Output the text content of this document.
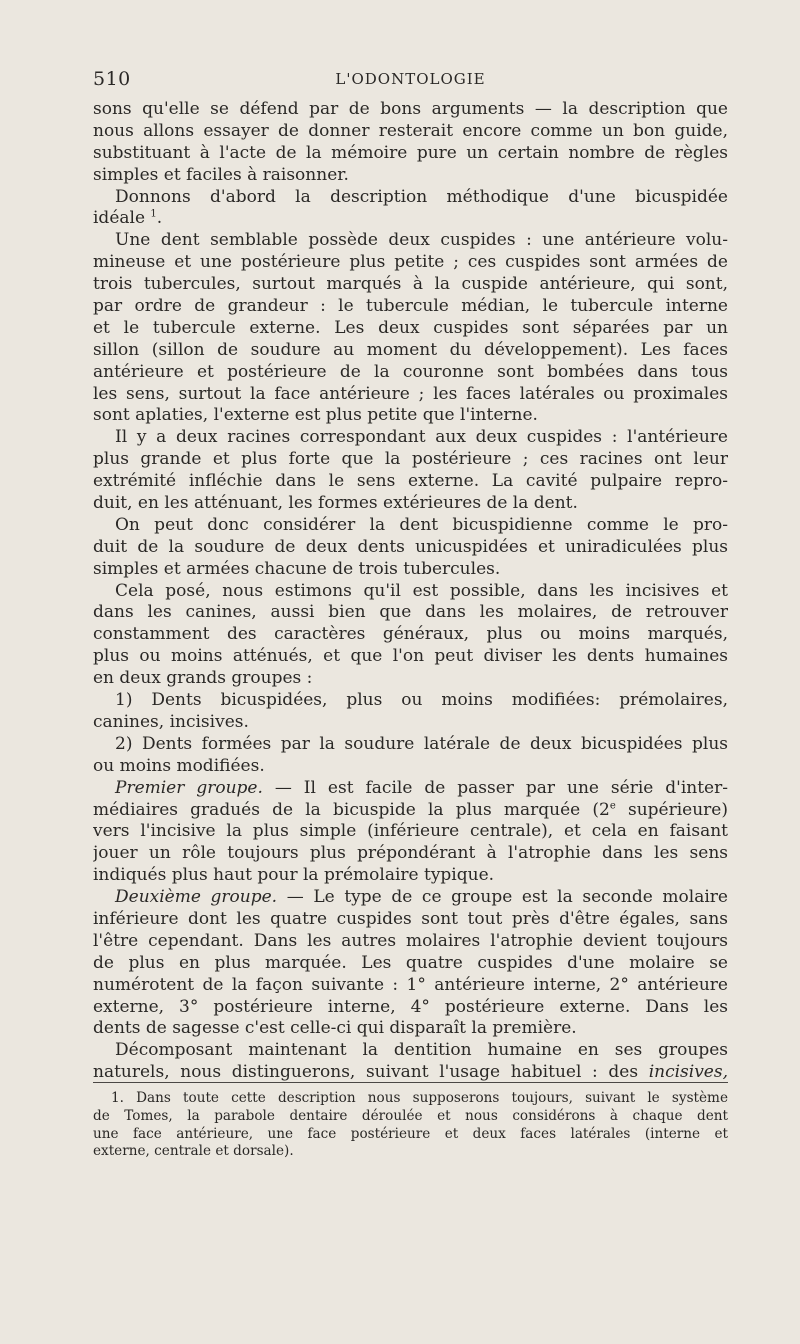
510	L'ODONTOLOGIE
sons qu'elle se défend par de bons arguments — la description que
nous allons essayer de donner resterait encore comme un bon guide,
substituant à l'acte de la mémoire pure un certain nombre de règles
simples et faciles à raisonner.
Donnons d'abord la description méthodique d'une bicuspidée
idéale $^1$.
Une dent semblable possède deux cuspides : une antérieure volu-
mineuse et une postérieure plus petite ; ces cuspides sont armées de
trois tubercules, surtout marqués à la cuspide antérieure, qui sont,
par ordre de grandeur : le tubercule médian, le tubercule interne
et le tubercule externe. Les deux cuspides sont séparées par un
sillon (sillon de soudure au moment du développement). Les faces
antérieure et postérieure de la couronne sont bombées dans tous
les sens, surtout la face antérieure ; les faces latérales ou proximales
sont aplaties, l'externe est plus petite que l'interne.
Il y a deux racines correspondant aux deux cuspides : l'antérieure
plus grande et plus forte que la postérieure ; ces racines ont leur
extrémité infléchie dans le sens externe. La cavité pulpaire repro-
duit, en les atténuant, les formes extérieures de la dent.
On peut donc considérer la dent bicuspidienne comme le pro-
duit de la soudure de deux dents unicuspidées et uniradiculées plus
simples et armées chacune de trois tubercules.
Cela posé, nous estimons qu'il est possible, dans les incisives et
dans les canines, aussi bien que dans les molaires, de retrouver
constamment des caractères généraux, plus ou moins marqués,
plus ou moins atténués, et que l'on peut diviser les dents humaines
en deux grands groupes :
1) Dents bicuspidées, plus ou moins modifiées: prémolaires,
canines, incisives.
2) Dents formées par la soudure latérale de deux bicuspidées plus
ou moins modifiées.
Premier groupe. — Il est facile de passer par une série d'inter-
médiaires gradués de la bicuspide la plus marquée (2e supérieure)
vers l'incisive la plus simple (inférieure centrale), et cela en faisant
jouer un rôle toujours plus prépondérant à l'atrophie dans les sens
indiqués plus haut pour la prémolaire typique.
Deuxième groupe. — Le type de ce groupe est la seconde molaire
inférieure dont les quatre cuspides sont tout près d'être égales, sans
l'être cependant. Dans les autres molaires l'atrophie devient toujours
de plus en plus marquée. Les quatre cuspides d'une molaire se
numérotent de la façon suivante : 1° antérieure interne, 2° antérieure
externe, 3° postérieure interne, 4° postérieure externe. Dans les
dents de sagesse c'est celle-ci qui disparaît la première.
Décomposant maintenant la dentition humaine en ses groupes
naturels, nous distinguerons, suivant l'usage habituel : des incisives,
1. Dans toute cette description nous supposerons toujours, suivant le système
de Tomes, la parabole dentaire déroulée et nous considérons à chaque dent
une face antérieure, une face postérieure et deux faces latérales (interne et
externe, centrale et dorsale).
